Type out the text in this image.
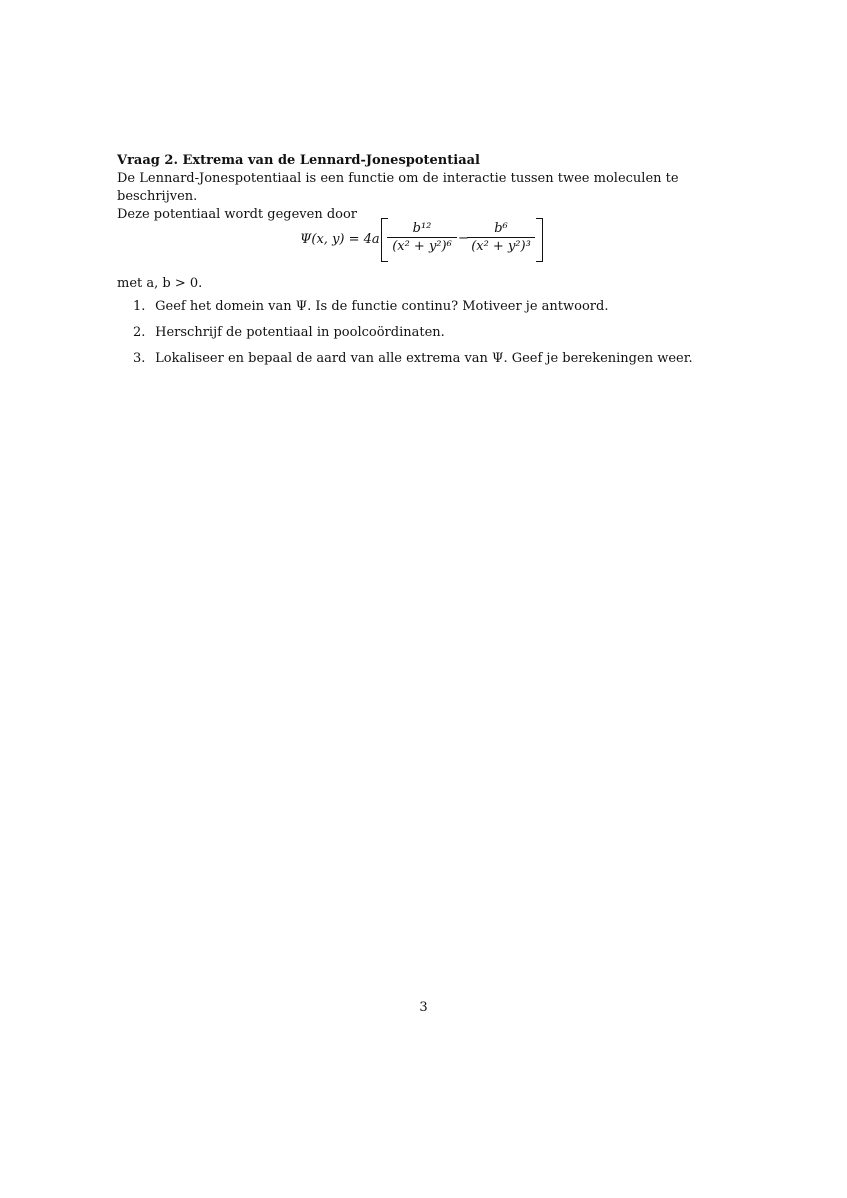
Vraag 2. Extrema van de Lennard-Jonespotentiaal

De Lennard-Jonespotentiaal is een functie om de interactie tussen twee moleculen te beschrijven.

Deze potentiaal wordt gegeven door

Ψ(x, y) = 4a
b¹²
(x² + y²)⁶
−
b⁶
(x² + y²)³
met a, b > 0.
1. Geef het domein van Ψ. Is de functie continu? Motiveer je antwoord.
2. Herschrijf de potentiaal in poolcoördinaten.
3. Lokaliseer en bepaal de aard van alle extrema van Ψ. Geef je berekeningen weer.
3
